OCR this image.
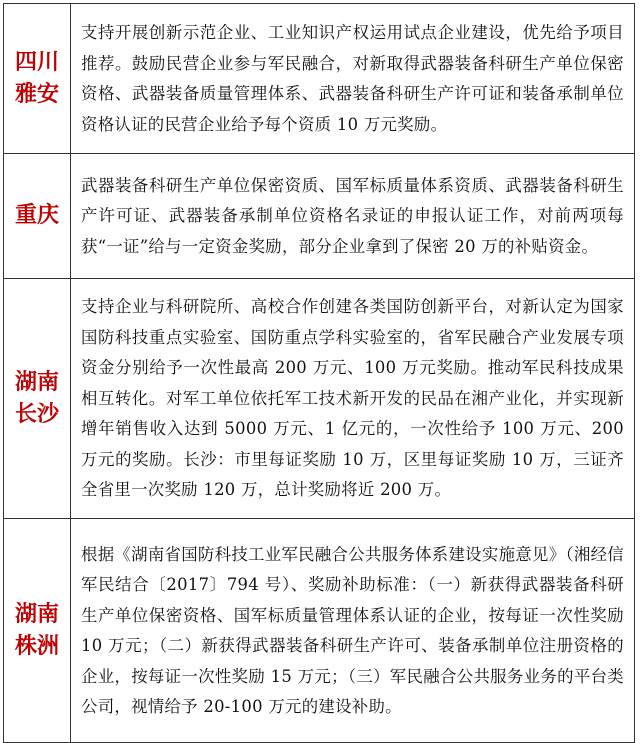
四川
雅安	支持开展创新示范企业、工业知识产权运用试点企业建设，优先给予项目推荐。鼓励民营企业参与军民融合，对新取得武器装备科研生产单位保密资格、武器装备质量管理体系、武器装备科研生产许可证和装备承制单位资格认证的民营企业给予每个资质 10 万元奖励。

重庆	武器装备科研生产单位保密资质、国军标质量体系资质、武器装备科研生产许可证、武器装备承制单位资格名录证的申报认证工作，对前两项每获“一证”给与一定资金奖励，部分企业拿到了保密 20 万的补贴资金。

湖南
长沙	支持企业与科研院所、高校合作创建各类国防创新平台，对新认定为国家国防科技重点实验室、国防重点学科实验室的，省军民融合产业发展专项资金分别给予一次性最高 200 万元、100 万元奖励。推动军民科技成果相互转化。对军工单位依托军工技术新开发的民品在湘产业化，并实现新增年销售收入达到 5000 万元、1 亿元的，一次性给予 100 万元、200 万元的奖励。长沙：市里每证奖励 10 万，区里每证奖励 10 万，三证齐全省里一次奖励 120 万，总计奖励将近 200 万。

湖南
株洲	根据《湖南省国防科技工业军民融合公共服务体系建设实施意见》（湘经信军民结合〔2017〕794 号）、奖励补助标准：（一）新获得武器装备科研生产单位保密资格、国军标质量管理体系认证的企业，按每证一次性奖励 10 万元；（二）新获得武器装备科研生产许可、装备承制单位注册资格的企业，按每证一次性奖励 15 万元；（三）军民融合公共服务业务的平台类公司，视情给予 20-100 万元的建设补助。
